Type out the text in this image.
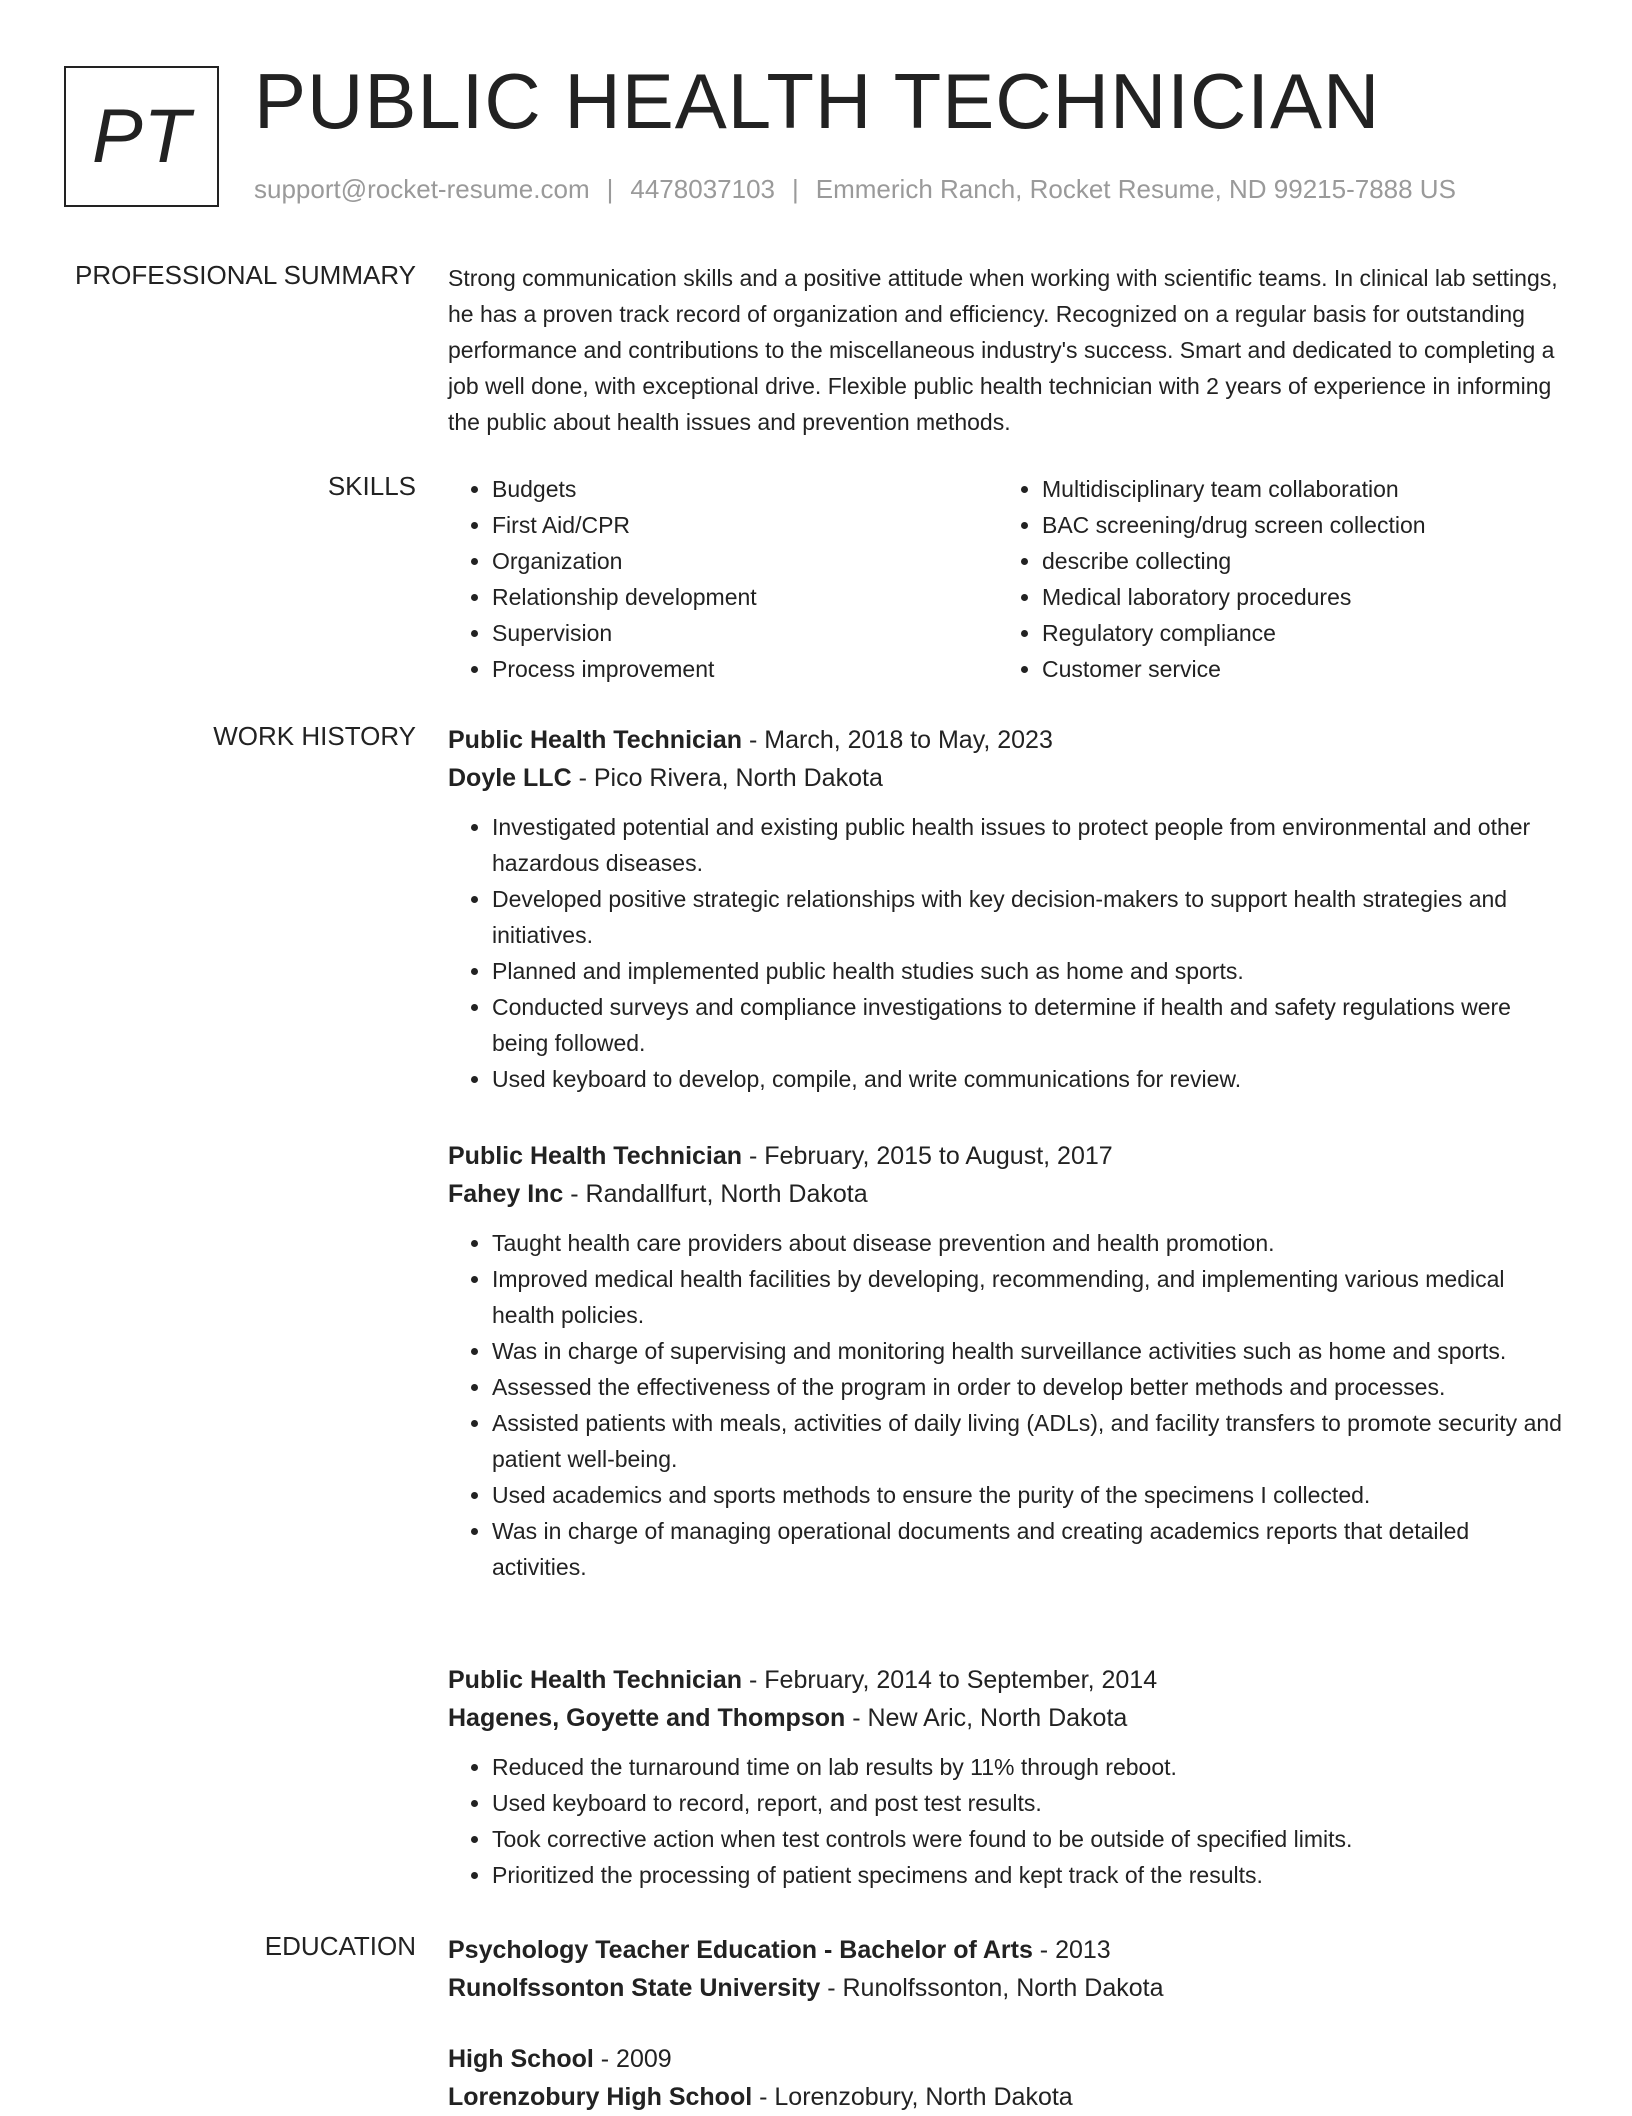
PT PUBLIC HEALTH TECHNICIAN
support@rocket-resume.com | 4478037103 | Emmerich Ranch, Rocket Resume, ND 99215-7888 US
PROFESSIONAL SUMMARY Strong communication skills and a positive attitude when working with scientific teams. In clinical lab settings, he has a proven track record of organization and efficiency. Recognized on a regular basis for outstanding performance and contributions to the miscellaneous industry's success. Smart and dedicated to completing a job well done, with exceptional drive. Flexible public health technician with 2 years of experience in informing the public about health issues and prevention methods.

SKILLS
•	Budgets
• First Aid/CPR
• Organization
• Relationship development
• Supervision
• Process improvement
• Multidisciplinary team collaboration
• BAC screening/drug screen collection
• describe collecting
• Medical laboratory procedures
• Regulatory compliance
• Customer service
WORK HISTORY Public Health Technician - March, 2018 to May, 2023
Doyle LLC - Pico Rivera, North Dakota
• Investigated potential and existing public health issues to protect people from environmental and other hazardous diseases.
• Developed positive strategic relationships with key decision-makers to support health strategies and initiatives.
• Planned and implemented public health studies such as home and sports.
• Conducted surveys and compliance investigations to determine if health and safety regulations were being followed.
• Used keyboard to develop, compile, and write communications for review.
Public Health Technician - February, 2015 to August, 2017
Fahey Inc - Randallfurt, North Dakota
• Taught health care providers about disease prevention and health promotion.
• Improved medical health facilities by developing, recommending, and implementing various medical health policies.
• Was in charge of supervising and monitoring health surveillance activities such as home and sports.
• Assessed the effectiveness of the program in order to develop better methods and processes.
• Assisted patients with meals, activities of daily living (ADLs), and facility transfers to promote security and patient well-being.
• Used academics and sports methods to ensure the purity of the specimens I collected.
• Was in charge of managing operational documents and creating academics reports that detailed activities.
Public Health Technician - February, 2014 to September, 2014
Hagenes, Goyette and Thompson - New Aric, North Dakota
• Reduced the turnaround time on lab results by 11% through reboot.
• Used keyboard to record, report, and post test results.
• Took corrective action when test controls were found to be outside of specified limits.
• Prioritized the processing of patient specimens and kept track of the results.
EDUCATION Psychology Teacher Education - Bachelor of Arts - 2013
Runolfssonton State University - Runolfssonton, North Dakota
High School - 2009
Lorenzobury High School - Lorenzobury, North Dakota
